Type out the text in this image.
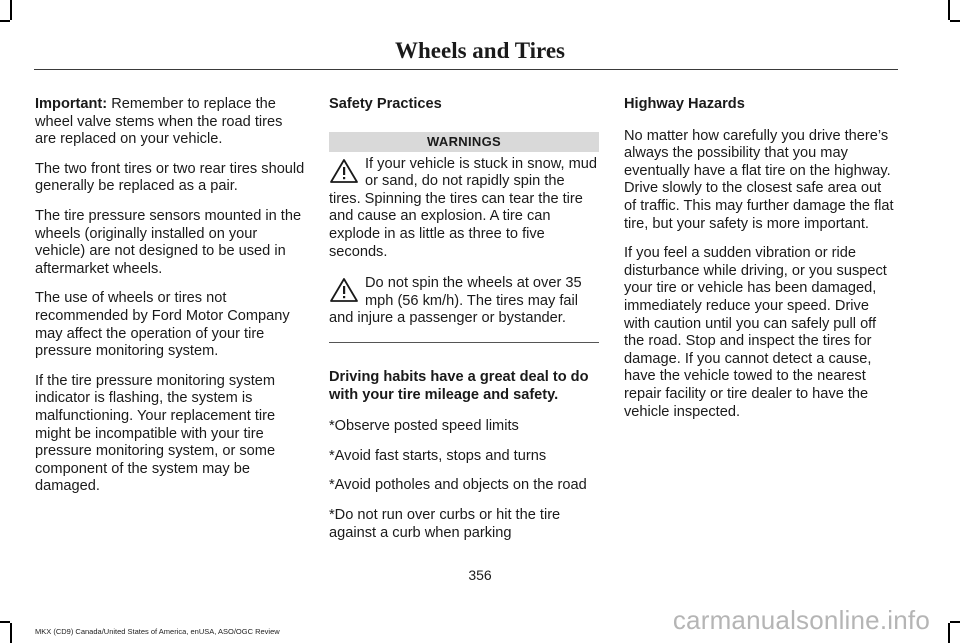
Wheels and Tires

Important: Remember to replace the wheel valve stems when the road tires are replaced on your vehicle.

The two front tires or two rear tires should generally be replaced as a pair.

The tire pressure sensors mounted in the wheels (originally installed on your vehicle) are not designed to be used in aftermarket wheels.

The use of wheels or tires not recommended by Ford Motor Company may affect the operation of your tire pressure monitoring system.

If the tire pressure monitoring system indicator is flashing, the system is malfunctioning. Your replacement tire might be incompatible with your tire pressure monitoring system, or some component of the system may be damaged.

Safety Practices

WARNINGS
If your vehicle is stuck in snow, mud or sand, do not rapidly spin the tires. Spinning the tires can tear the tire and cause an explosion. A tire can explode in as little as three to five seconds.
Do not spin the wheels at over 35 mph (56 km/h). The tires may fail and injure a passenger or bystander.

Driving habits have a great deal to do with your tire mileage and safety.

*Observe posted speed limits

*Avoid fast starts, stops and turns

*Avoid potholes and objects on the road

*Do not run over curbs or hit the tire against a curb when parking

Highway Hazards

No matter how carefully you drive there’s always the possibility that you may eventually have a flat tire on the highway. Drive slowly to the closest safe area out of traffic. This may further damage the flat tire, but your safety is more important.

If you feel a sudden vibration or ride disturbance while driving, or you suspect your tire or vehicle has been damaged, immediately reduce your speed. Drive with caution until you can safely pull off the road. Stop and inspect the tires for damage. If you cannot detect a cause, have the vehicle towed to the nearest repair facility or tire dealer to have the vehicle inspected.

356
MKX (CD9) Canada/United States of America, enUSA, ASO/OGC Review	carmanualsonline.info
